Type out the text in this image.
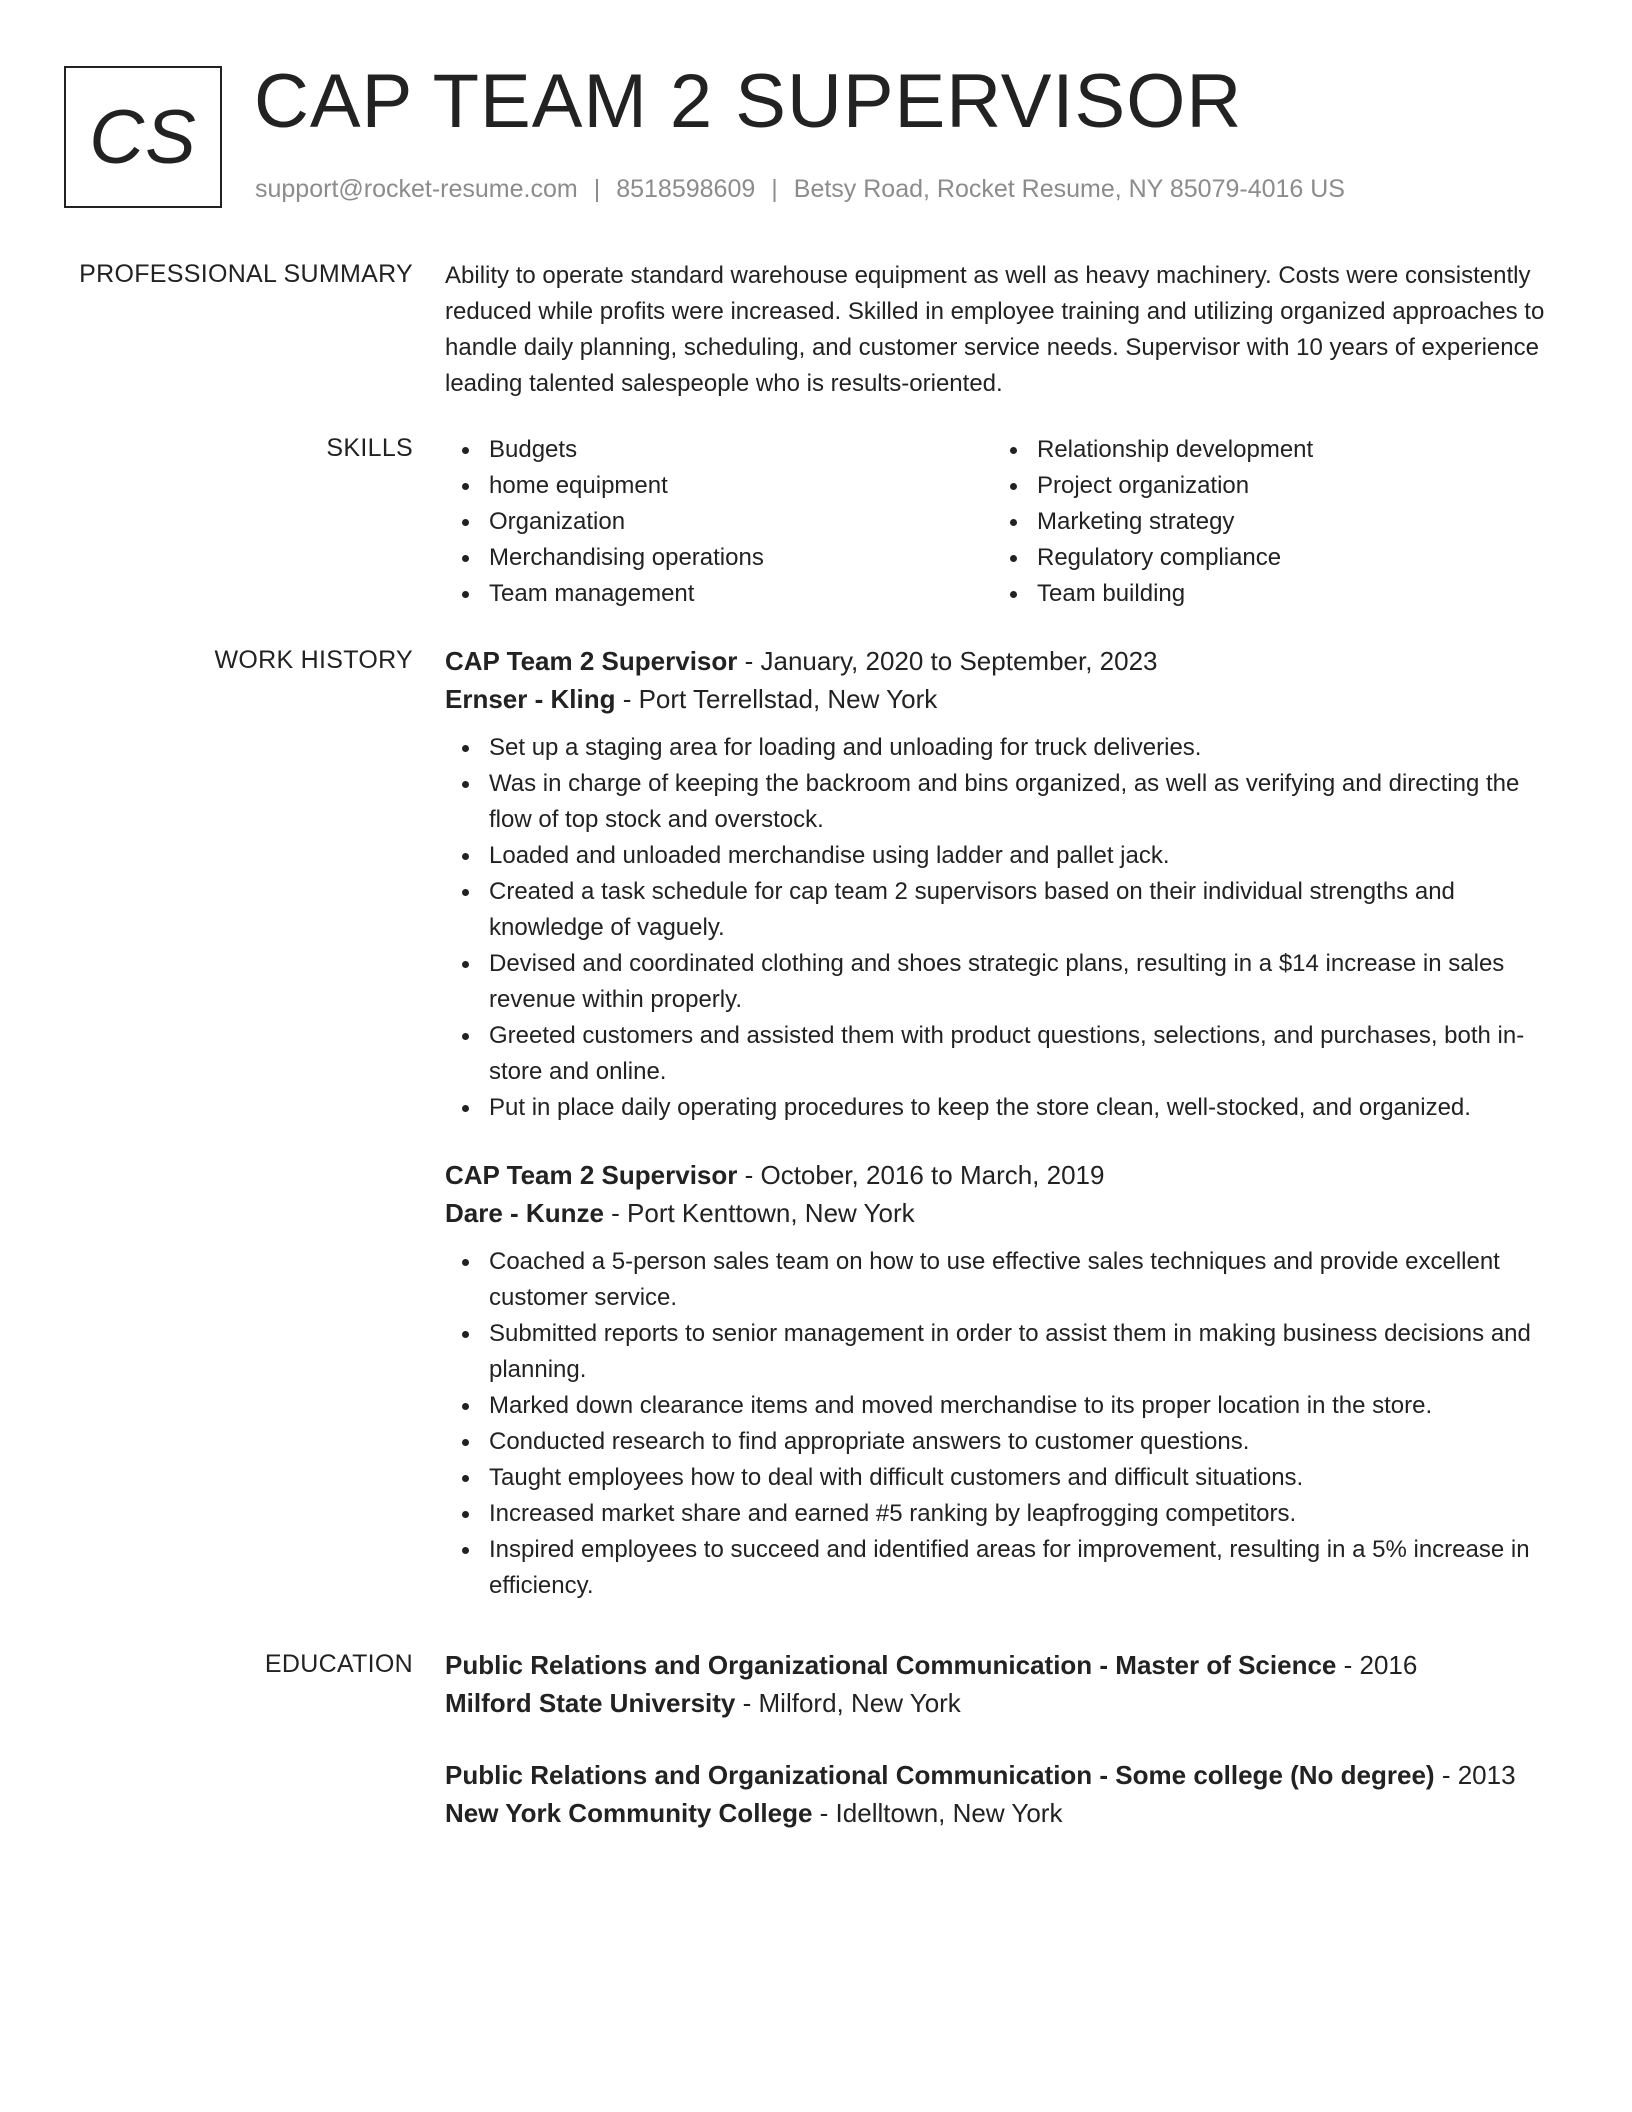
CS CAP TEAM 2 SUPERVISOR
support@rocket-resume.com | 8518598609 | Betsy Road, Rocket Resume, NY 85079-4016 US
PROFESSIONAL SUMMARY Ability to operate standard warehouse equipment as well as heavy machinery. Costs were consistently reduced while profits were increased. Skilled in employee training and utilizing organized approaches to handle daily planning, scheduling, and customer service needs. Supervisor with 10 years of experience leading talented salespeople who is results-oriented.
SKILLS	Budgets
home equipment
Organization
Merchandising operations
Team management
Relationship development
Project organization
Marketing strategy
Regulatory compliance
Team building
WORK HISTORY CAP Team 2 Supervisor - January, 2020 to September, 2023
Ernser - Kling - Port Terrellstad, New York
Set up a staging area for loading and unloading for truck deliveries.
Was in charge of keeping the backroom and bins organized, as well as verifying and directing the flow of top stock and overstock.
Loaded and unloaded merchandise using ladder and pallet jack.
Created a task schedule for cap team 2 supervisors based on their individual strengths and knowledge of vaguely.
Devised and coordinated clothing and shoes strategic plans, resulting in a $14 increase in sales revenue within properly.
Greeted customers and assisted them with product questions, selections, and purchases, both in-store and online.
Put in place daily operating procedures to keep the store clean, well-stocked, and organized.
CAP Team 2 Supervisor - October, 2016 to March, 2019
Dare - Kunze - Port Kenttown, New York
Coached a 5-person sales team on how to use effective sales techniques and provide excellent customer service.
Submitted reports to senior management in order to assist them in making business decisions and planning.
Marked down clearance items and moved merchandise to its proper location in the store.
Conducted research to find appropriate answers to customer questions.
Taught employees how to deal with difficult customers and difficult situations.
Increased market share and earned #5 ranking by leapfrogging competitors.
Inspired employees to succeed and identified areas for improvement, resulting in a 5% increase in efficiency.
EDUCATION Public Relations and Organizational Communication - Master of Science - 2016
Milford State University - Milford, New York
Public Relations and Organizational Communication - Some college (No degree) - 2013
New York Community College - Idelltown, New York
